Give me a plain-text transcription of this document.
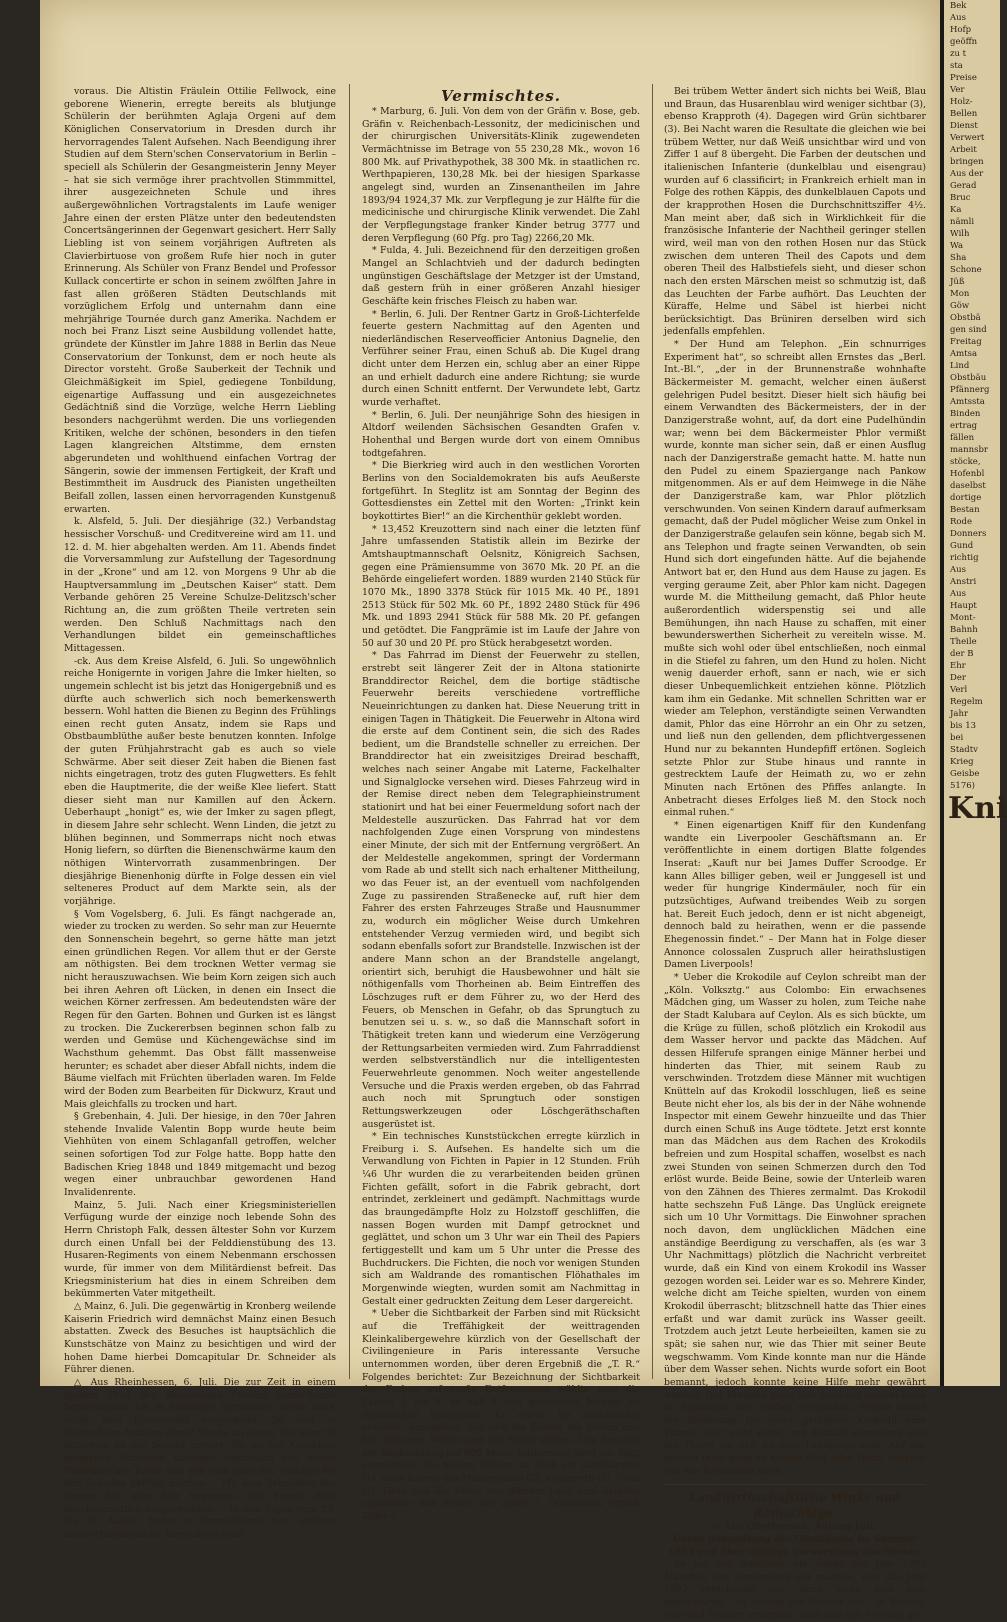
voraus. Die Altistin Fräulein Ottilie Fellwock, eine geborene Wienerin, erregte bereits als blutjunge Schülerin der berühmten Aglaja Orgeni auf dem Königlichen Conservatorium in Dresden durch ihr hervorragendes Talent Aufsehen. Nach Beendigung ihrer Studien auf dem Stern'schen Conservatorium in Berlin – speciell als Schülerin der Gesangmeisterin Jenny Meyer – hat sie sich vermöge ihrer prachtvollen Stimmmittel, ihrer ausgezeichneten Schule und ihres außergewöhnlichen Vortragstalents im Laufe weniger Jahre einen der ersten Plätze unter den bedeutendsten Concertsängerinnen der Gegenwart gesichert. Herr Sally Liebling ist von seinem vorjährigen Auftreten als Clavierbirtuose von großem Rufe hier noch in guter Erinnerung. Als Schüler von Franz Bendel und Professor Kullack concertirte er schon in seinem zwölften Jahre in fast allen größeren Städten Deutschlands mit vorzüglichem Erfolg und unternahm dann eine mehrjährige Tournée durch ganz Amerika. Nachdem er noch bei Franz Liszt seine Ausbildung vollendet hatte, gründete der Künstler im Jahre 1888 in Berlin das Neue Conservatorium der Tonkunst, dem er noch heute als Director vorsteht. Große Sauberkeit der Technik und Gleichmäßigkeit im Spiel, gediegene Tonbildung, eigenartige Auffassung und ein ausgezeichnetes Gedächtniß sind die Vorzüge, welche Herrn Liebling besonders nachgerühmt werden. Die uns vorliegenden Kritiken, welche der schönen, besonders in den tiefen Lagen klangreichen Altstimme, dem ernsten abgerundeten und wohlthuend einfachen Vortrag der Sängerin, sowie der immensen Fertigkeit, der Kraft und Bestimmtheit im Ausdruck des Pianisten ungetheilten Beifall zollen, lassen einen hervorragenden Kunstgenuß erwarten.

k. Alsfeld, 5. Juli. Der diesjährige (32.) Verbandstag hessischer Vorschuß- und Creditvereine wird am 11. und 12. d. M. hier abgehalten werden. Am 11. Abends findet die Vorversammlung zur Aufstellung der Tagesordnung in der „Krone“ und am 12. von Morgens 9 Uhr ab die Hauptversammlung im „Deutschen Kaiser“ statt. Dem Verbande gehören 25 Vereine Schulze-Delitzsch'scher Richtung an, die zum größten Theile vertreten sein werden. Den Schluß Nachmittags nach den Verhandlungen bildet ein gemeinschaftliches Mittagessen.

-ck. Aus dem Kreise Alsfeld, 6. Juli. So ungewöhnlich reiche Honigernte in vorigen Jahre die Imker hielten, so ungemein schlecht ist bis jetzt das Honigergebniß und es dürfte auch schwerlich sich noch bemerkenswerth bessern. Wohl hatten die Bienen zu Beginn des Frühlings einen recht guten Ansatz, indem sie Raps und Obstbaumblüthe außer beste benutzen konnten. Infolge der guten Frühjahrstracht gab es auch so viele Schwärme. Aber seit dieser Zeit haben die Bienen fast nichts eingetragen, trotz des guten Flugwetters. Es fehlt eben die Hauptmerite, die der weiße Klee liefert. Statt dieser sieht man nur Kamillen auf den Äckern. Ueberhaupt „honigt“ es, wie der Imker zu sagen pflegt, in diesem Jahre sehr schlecht. Wenn Linden, die jetzt zu blühen beginnen, und Sommerraps nicht noch etwas Honig liefern, so dürften die Bienenschwärme kaum den nöthigen Wintervorrath zusammenbringen. Der diesjährige Bienenhonig dürfte in Folge dessen ein viel selteneres Product auf dem Markte sein, als der vorjährige.

§ Vom Vogelsberg, 6. Juli. Es fängt nachgerade an, wieder zu trocken zu werden. So sehr man zur Heuernte den Sonnenschein begehrt, so gerne hätte man jetzt einen gründlichen Regen. Vor allem thut er der Gerste am nöthigsten. Bei dem trocknen Wetter vermag sie nicht herauszuwachsen. Wie beim Korn zeigen sich auch bei ihren Aehren oft Lücken, in denen ein Insect die weichen Körner zerfressen. Am bedeutendsten wäre der Regen für den Garten. Bohnen und Gurken ist es längst zu trocken. Die Zuckererbsen beginnen schon falb zu werden und Gemüse und Küchengewächse sind im Wachsthum gehemmt. Das Obst fällt massenweise herunter; es schadet aber dieser Abfall nichts, indem die Bäume vielfach mit Früchten überladen waren. Im Felde wird der Boden zum Bearbeiten für Dickwurz, Kraut und Mais gleichfalls zu trocken und hart.

§ Grebenhain, 4. Juli. Der hiesige, in den 70er Jahren stehende Invalide Valentin Bopp wurde heute beim Viehhüten von einem Schlaganfall getroffen, welcher seinen sofortigen Tod zur Folge hatte. Bopp hatte den Badischen Krieg 1848 und 1849 mitgemacht und bezog wegen einer unbrauchbar gewordenen Hand Invalidenrente.

Mainz, 5. Juli. Nach einer Kriegsministeriellen Verfügung wurde der einzige noch lebende Sohn des Herrn Christoph Falk, dessen ältester Sohn vor Kurzem durch einen Unfall bei der Felddienstübung des 13. Husaren-Regiments von einem Nebenmann erschossen wurde, für immer von dem Militärdienst befreit. Das Kriegsministerium hat dies in einem Schreiben dem bekümmerten Vater mitgetheilt.

△ Mainz, 6. Juli. Die gegenwärtig in Kronberg weilende Kaiserin Friedrich wird demnächst Mainz einen Besuch abstatten. Zweck des Besuches ist hauptsächlich die Kunstschätze von Mainz zu besichtigen und wird der hohen Dame hierbei Domcapitular Dr. Schneider als Führer dienen.

△ Aus Rheinhessen, 6. Juli. Die zur Zeit in einem großen Theil der diesseitigen Provinz herrschende Schweinepest hat in einzelnen Gemeinden schon stark unter dem Borstenvieh aufgeräumt. So sind in Hechtsheim Anfangs dieser Woche an einem Tag über 50 Schweine an der Seuche crepirt. Die an der Krankheit erlegenen Schweine stammen sämmtlich von einem Transport aus Posen und will man jetzt den Händler für den Schaden haftbar machen. – Mit dem Schneiden des Kornes hat man hier begonnen. Die Frucht fiebt durchschnittlich ausgezeichnet. – In den Tagen vom 23. bis 26. August findet in Sprendlingen eine größere landwirthschaftliche Ausstellung statt.

Vermischtes.

* Marburg, 6. Juli. Von dem von der Gräfin v. Bose, geb. Gräfin v. Reichenbach-Lessonitz, der medicinischen und der chirurgischen Universitäts-Klinik zugewendeten Vermächtnisse im Betrage von 55 230,28 Mk., wovon 16 800 Mk. auf Privathypothek, 38 300 Mk. in staatlichen rc. Werthpapieren, 130,28 Mk. bei der hiesigen Sparkasse angelegt sind, wurden an Zinsenantheilen im Jahre 1893/94 1924,37 Mk. zur Verpflegung je zur Hälfte für die medicinische und chirurgische Klinik verwendet. Die Zahl der Verpflegungstage franker Kinder betrug 3777 und deren Verpflegung (60 Pfg. pro Tag) 2266,20 Mk.

* Fulda, 4. Juli. Bezeichnend für den derzeitigen großen Mangel an Schlachtvieh und der dadurch bedingten ungünstigen Geschäftslage der Metzger ist der Umstand, daß gestern früh in einer größeren Anzahl hiesiger Geschäfte kein frisches Fleisch zu haben war.

* Berlin, 6. Juli. Der Rentner Gartz in Groß-Lichterfelde feuerte gestern Nachmittag auf den Agenten und niederländischen Reserveofficier Antonius Dagnelie, den Verführer seiner Frau, einen Schuß ab. Die Kugel drang dicht unter dem Herzen ein, schlug aber an einer Rippe an und erhielt dadurch eine andere Richtung; sie wurde durch einen Schnitt entfernt. Der Verwundete lebt, Gartz wurde verhaftet.

* Berlin, 6. Juli. Der neunjährige Sohn des hiesigen in Altdorf weilenden Sächsischen Gesandten Grafen v. Hohenthal und Bergen wurde dort von einem Omnibus todtgefahren.

* Die Bierkrieg wird auch in den westlichen Vororten Berlins von den Socialdemokraten bis aufs Aeußerste fortgeführt. In Steglitz ist am Sonntag der Beginn des Gottesdienstes ein Zettel mit den Worten: „Trinkt kein boykottirtes Bier!“ an die Kirchenthür geklebt worden.

* 13,452 Kreuzottern sind nach einer die letzten fünf Jahre umfassenden Statistik allein im Bezirke der Amtshauptmannschaft Oelsnitz, Königreich Sachsen, gegen eine Prämiensumme von 3670 Mk. 20 Pf. an die Behörde eingeliefert worden. 1889 wurden 2140 Stück für 1070 Mk., 1890 3378 Stück für 1015 Mk. 40 Pf., 1891 2513 Stück für 502 Mk. 60 Pf., 1892 2480 Stück für 496 Mk. und 1893 2941 Stück für 588 Mk. 20 Pf. gefangen und getödtet. Die Fangprämie ist im Laufe der Jahre von 50 auf 30 und 20 Pf. pro Stück herabgesetzt worden.

* Das Fahrrad im Dienst der Feuerwehr zu stellen, erstrebt seit längerer Zeit der in Altona stationirte Branddirector Reichel, dem die bortige städtische Feuerwehr bereits verschiedene vortreffliche Neueinrichtungen zu danken hat. Diese Neuerung tritt in einigen Tagen in Thätigkeit. Die Feuerwehr in Altona wird die erste auf dem Continent sein, die sich des Rades bedient, um die Brandstelle schneller zu erreichen. Der Branddirector hat ein zweisitziges Dreirad beschafft, welches nach seiner Angabe mit Laterne, Fackelhalter und Signalglocke versehen wird. Dieses Fahrzeug wird in der Remise direct neben dem Telegraphieinstrument stationirt und hat bei einer Feuermeldung sofort nach der Meldestelle auszurücken. Das Fahrrad hat vor dem nachfolgenden Zuge einen Vorsprung von mindestens einer Minute, der sich mit der Entfernung vergrößert. An der Meldestelle angekommen, springt der Vordermann vom Rade ab und stellt sich nach erhaltener Mittheilung, wo das Feuer ist, an der eventuell vom nachfolgenden Zuge zu passirenden Straßenecke auf, ruft hier dem Fahrer des ersten Fahrzeuges Straße und Hausnummer zu, wodurch ein möglicher Weise durch Umkehren entstehender Verzug vermieden wird, und begibt sich sodann ebenfalls sofort zur Brandstelle. Inzwischen ist der andere Mann schon an der Brandstelle angelangt, orientirt sich, beruhigt die Hausbewohner und hält sie nöthigenfalls vom Thorheinen ab. Beim Eintreffen des Löschzuges ruft er dem Führer zu, wo der Herd des Feuers, ob Menschen in Gefahr, ob das Sprungtuch zu benutzen sei u. s. w., so daß die Mannschaft sofort in Thätigkeit treten kann und wiederum eine Verzögerung der Rettungsarbeiten vermieden wird. Zum Fahrraddienst werden selbstverständlich nur die intelligentesten Feuerwehrleute genommen. Noch weiter angestellende Versuche und die Praxis werden ergeben, ob das Fahrrad auch noch mit Sprungtuch oder sonstigen Rettungswerkzeugen oder Löschgeräthschaften ausgerüstet ist.

* Ein technisches Kunststückchen erregte kürzlich in Freiburg i. S. Aufsehen. Es handelte sich um die Verwandlung von Fichten in Papier in 12 Stunden. Früh ¼6 Uhr wurden die zu verarbeitenden beiden grünen Fichten gefällt, sofort in die Fabrik gebracht, dort entrindet, zerkleinert und gedämpft. Nachmittags wurde das braungedämpfte Holz zu Holzstoff geschliffen, die nassen Bogen wurden mit Dampf getrocknet und geglättet, und schon um 3 Uhr war ein Theil des Papiers fertiggestellt und kam um 5 Uhr unter die Presse des Buchdruckers. Die Fichten, die noch vor wenigen Stunden sich am Waldrande des romantischen Flöhathales im Morgenwinde wiegten, wurden somit am Nachmittag in Gestalt einer gedruckten Zeitung dem Leser dargereicht.

* Ueber die Sichtbarkeit der Farben sind mit Rücksicht auf die Treffähigkeit der weittragenden Kleinkalibergewehre kürzlich von der Gesellschaft der Civilingenieure in Paris interessante Versuche unternommen worden, über deren Ergebniß die „T. R.“ Folgendes berichtet: Zur Bezeichnung der Sichtbarkeit der Farben auf große Entfernungen wählte man die Zahlen 1 bis 8, so daß 8 den gänzlichen Mangel an Sichtbarkeit bezeichnet. Es wurde für zweckmäßig erachtet, anzugeben, wie sich die Zahlen bei hellem und bei düsterem Wetter und bei Nacht stellen. Das Resultat der Beobachtung auf 600 Meter Entfernung wird wie folgt angegeben: Bei hellem Wetter ist Weiß am sichtbarsten (1), dann kommt das Husarenblau (2), Krapproth (3), Grün (4). Grau und die Farbe von dürrem Laub sind beinahe unsichtbar und erhielt die Ziffer 7. Dunkelblau erhielt Ziffer 6.

Bei trübem Wetter ändert sich nichts bei Weiß, Blau und Braun, das Husarenblau wird weniger sichtbar (3), ebenso Krapproth (4). Dagegen wird Grün sichtbarer (3). Bei Nacht waren die Resultate die gleichen wie bei trübem Wetter, nur daß Weiß unsichtbar wird und von Ziffer 1 auf 8 übergeht. Die Farben der deutschen und italienischen Infanterie (dunkelblau und eisengrau) wurden auf 6 classificirt; in Frankreich erhielt man in Folge des rothen Käppis, des dunkelblauen Capots und der krapprothen Hosen die Durchschnittsziffer 4½. Man meint aber, daß sich in Wirklichkeit für die französische Infanterie der Nachtheil geringer stellen wird, weil man von den rothen Hosen nur das Stück zwischen dem unteren Theil des Capots und dem oberen Theil des Halbstiefels sieht, und dieser schon nach den ersten Märschen meist so schmutzig ist, daß das Leuchten der Farbe aufhört. Das Leuchten der Küraffe, Helme und Säbel ist hierbei nicht berücksichtigt. Das Brüniren derselben wird sich jedenfalls empfehlen.

* Der Hund am Telephon. „Ein schnurriges Experiment hat“, so schreibt allen Ernstes das „Berl. Int.-Bl.“, „der in der Brunnenstraße wohnhafte Bäckermeister M. gemacht, welcher einen äußerst gelehrigen Pudel besitzt. Dieser hielt sich häufig bei einem Verwandten des Bäckermeisters, der in der Danzigerstraße wohnt, auf, da dort eine Pudelhündin war; wenn bei dem Bäckermeister Phlor vermißt wurde, konnte man sicher sein, daß er einen Ausflug nach der Danzigerstraße gemacht hatte. M. hatte nun den Pudel zu einem Spaziergange nach Pankow mitgenommen. Als er auf dem Heimwege in die Nähe der Danzigerstraße kam, war Phlor plötzlich verschwunden. Von seinen Kindern darauf aufmerksam gemacht, daß der Pudel möglicher Weise zum Onkel in der Danzigerstraße gelaufen sein könne, begab sich M. ans Telephon und fragte seinen Verwandten, ob sein Hund sich dort eingefunden hätte. Auf die bejahende Antwort bat er, den Hund aus dem Hause zu jagen. Es verging geraume Zeit, aber Phlor kam nicht. Dagegen wurde M. die Mittheilung gemacht, daß Phlor heute außerordentlich widerspenstig sei und alle Bemühungen, ihn nach Hause zu schaffen, mit einer bewunderswerthen Sicherheit zu vereiteln wisse. M. mußte sich wohl oder übel entschließen, noch einmal in die Stiefel zu fahren, um den Hund zu holen. Nicht wenig dauerder erhoft, sann er nach, wie er sich dieser Unbequemlichkeit entziehen könne. Plötzlich kam ihm ein Gedanke. Mit schnellen Schritten war er wieder am Telephon, verständigte seinen Verwandten damit, Phlor das eine Hörrohr an ein Ohr zu setzen, und ließ nun den gellenden, dem pflichtvergessenen Hund nur zu bekannten Hundepfiff ertönen. Sogleich setzte Phlor zur Stube hinaus und rannte in gestrecktem Laufe der Heimath zu, wo er zehn Minuten nach Ertönen des Pfiffes anlangte. In Anbetracht dieses Erfolges ließ M. den Stock noch einmal ruhen.“

* Einen eigenartigen Kniff für den Kundenfang wandte ein Liverpooler Geschäftsmann an. Er veröffentlichte in einem dortigen Blatte folgendes Inserat: „Kauft nur bei James Duffer Scroodge. Er kann Alles billiger geben, weil er Junggesell ist und weder für hungrige Kindermäuler, noch für ein putzsüchtiges, Aufwand treibendes Weib zu sorgen hat. Bereit Euch jedoch, denn er ist nicht abgeneigt, dennoch bald zu heirathen, wenn er die passende Ehegenossin findet.“ – Der Mann hat in Folge dieser Annonce colossalen Zuspruch aller heirathslustigen Damen Liverpools!

* Ueber die Krokodile auf Ceylon schreibt man der „Köln. Volksztg.“ aus Colombo: Ein erwachsenes Mädchen ging, um Wasser zu holen, zum Teiche nahe der Stadt Kalubara auf Ceylon. Als es sich bückte, um die Krüge zu füllen, schoß plötzlich ein Krokodil aus dem Wasser hervor und packte das Mädchen. Auf dessen Hilferufe sprangen einige Männer herbei und hinderten das Thier, mit seinem Raub zu verschwinden. Trotzdem diese Männer mit wuchtigen Knütteln auf das Krokodil losschlugen, ließ es seine Beute nicht eher los, als bis der in der Nähe wohnende Inspector mit einem Gewehr hinzueilte und das Thier durch einen Schuß ins Auge tödtete. Jetzt erst konnte man das Mädchen aus dem Rachen des Krokodils befreien und zum Hospital schaffen, woselbst es nach zwei Stunden von seinen Schmerzen durch den Tod erlöst wurde. Beide Beine, sowie der Unterleib waren von den Zähnen des Thieres zermalmt. Das Krokodil hatte sechszehn Fuß Länge. Das Unglück ereignete sich um 10 Uhr Vormittags. Die Einwohner sprachen noch davon, dem unglücklichen Mädchen eine anständige Beerdigung zu verschaffen, als (es war 3 Uhr Nachmittags) plötzlich die Nachricht verbreitet wurde, daß ein Kind von einem Krokodil ins Wasser gezogen worden sei. Leider war es so. Mehrere Kinder, welche dicht am Teiche spielten, wurden von einem Krokodil überrascht; blitzschnell hatte das Thier eines erfaßt und war damit zurück ins Wasser geeilt. Trotzdem auch jetzt Leute herbeieilten, kamen sie zu spät; sie sahen nur, wie das Thier mit seiner Beute wegschwamm. Vom Kinde konnte man nur die Hände über dem Wasser sehen. Nichts wurde sofort ein Boot bemannt, jedoch konnte keine Hilfe mehr gewährt werden. Das Krokodil hatte sich wohl mit seinem Raub im Schlamme des Teiches verkrochen. Früher zahlte die Regierung für jedes getödtete Krokodil eine Prämie, jetzt nicht mehr, und deshalb vermehren sich die Thiere so, daß sie eine Landplage sind. Auf der ganzen Insel giebt es keinen Fluß oder Teich, welcher frei von Krokodilen wäre.

Landwirthschaftliche Winke und Rathschläge.

△ Aus Oberhessen, Anfang Juli.

Ueber Behandlung der Obstbäume im Sommer 1894 und über richtige Verwerthung des Obstes.

Es hat den Anschein, als würde das Jahr 1894 Manches von Demjenigen gut machen, was das Jahr 1893 verschuldet hat, denn wenn man sich gegenwärtig – zu Anfang des Monats Juli – in Wiesen, Flur und Feldern umschaut, muß man mit Freuden ge-

Bek
Aus
Hofp
geöffn
zu t
sta
Preise
Ver
Holz-
Bellen
Dienst
Verwert
Arbeit
bringen
Aus der
Gerad
Bruc
Ka
nämli
Wilh
Wa
Sha
Schone
Jüß
Mon
Göw
Obstbä
gen sind
Freitag
Amtsa
Lind
Obstbäu
Pfännerg
Amtssta
Binden
ertrag
fällen
mannsbr
stöcke,
Hofenbl
daselbst
dortige
Bestan
Rode
Donners
Gund
richtig
Aus
Anstri
Aus
Haupt
Mont-
Bahnh
Theile
der B
Ehr
Der
Verl
Regelm
Jahr
bis 13
bei
Stadtv
Krieg
Geisbe
5176)
Kni
